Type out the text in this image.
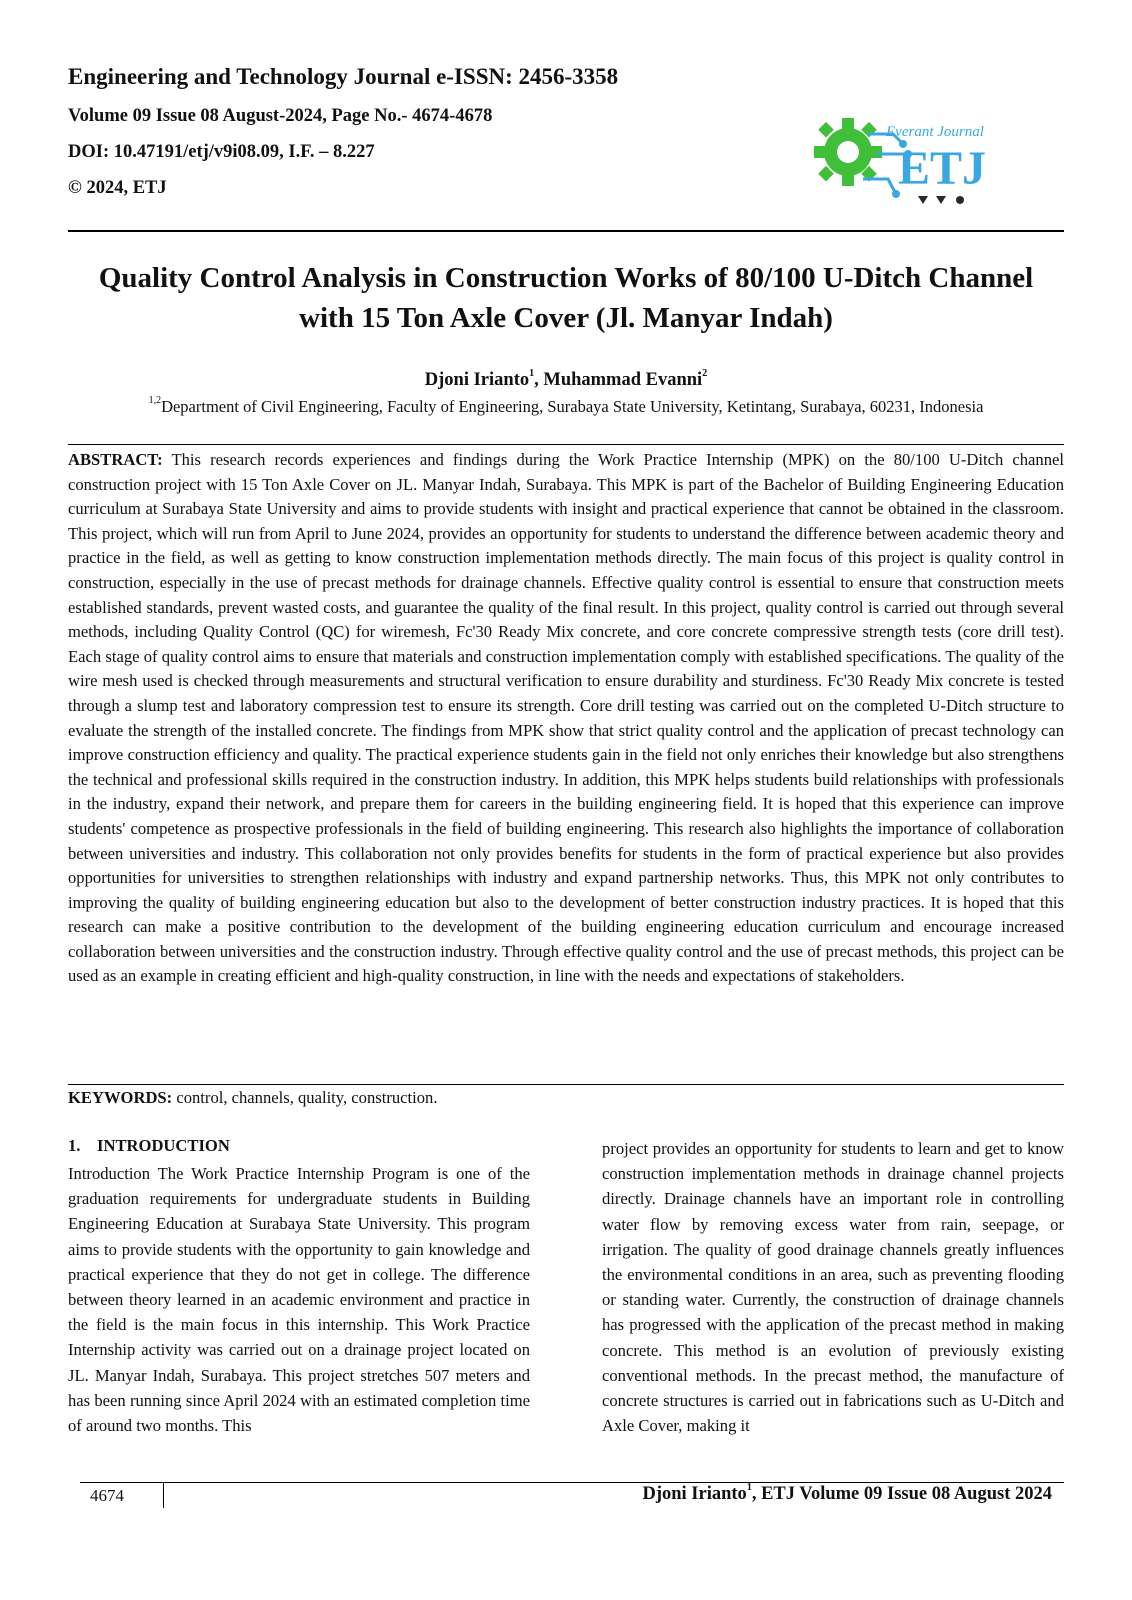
Engineering and Technology Journal e-ISSN: 2456-3358
Volume 09 Issue 08 August-2024, Page No.- 4674-4678
DOI: 10.47191/etj/v9i08.09, I.F. – 8.227
© 2024, ETJ
Everant Journal
ETJ
Quality Control Analysis in Construction Works of 80/100 U-Ditch Channel with 15 Ton Axle Cover (Jl. Manyar Indah)
Djoni Irianto$^1$, Muhammad Evanni$^2$
$^{1,2}$Department of Civil Engineering, Faculty of Engineering, Surabaya State University, Ketintang, Surabaya, 60231, Indonesia

ABSTRACT: This research records experiences and findings during the Work Practice Internship (MPK) on the 80/100 U-Ditch channel construction project with 15 Ton Axle Cover on JL. Manyar Indah, Surabaya. This MPK is part of the Bachelor of Building Engineering Education curriculum at Surabaya State University and aims to provide students with insight and practical experience that cannot be obtained in the classroom. This project, which will run from April to June 2024, provides an opportunity for students to understand the difference between academic theory and practice in the field, as well as getting to know construction implementation methods directly. The main focus of this project is quality control in construction, especially in the use of precast methods for drainage channels. Effective quality control is essential to ensure that construction meets established standards, prevent wasted costs, and guarantee the quality of the final result. In this project, quality control is carried out through several methods, including Quality Control (QC) for wiremesh, Fc'30 Ready Mix concrete, and core concrete compressive strength tests (core drill test). Each stage of quality control aims to ensure that materials and construction implementation comply with established specifications. The quality of the wire mesh used is checked through measurements and structural verification to ensure durability and sturdiness. Fc'30 Ready Mix concrete is tested through a slump test and laboratory compression test to ensure its strength. Core drill testing was carried out on the completed U-Ditch structure to evaluate the strength of the installed concrete. The findings from MPK show that strict quality control and the application of precast technology can improve construction efficiency and quality. The practical experience students gain in the field not only enriches their knowledge but also strengthens the technical and professional skills required in the construction industry. In addition, this MPK helps students build relationships with professionals in the industry, expand their network, and prepare them for careers in the building engineering field. It is hoped that this experience can improve students' competence as prospective professionals in the field of building engineering. This research also highlights the importance of collaboration between universities and industry. This collaboration not only provides benefits for students in the form of practical experience but also provides opportunities for universities to strengthen relationships with industry and expand partnership networks. Thus, this MPK not only contributes to improving the quality of building engineering education but also to the development of better construction industry practices. It is hoped that this research can make a positive contribution to the development of the building engineering education curriculum and encourage increased collaboration between universities and the construction industry. Through effective quality control and the use of precast methods, this project can be used as an example in creating efficient and high-quality construction, in line with the needs and expectations of stakeholders.

KEYWORDS: control, channels, quality, construction.
1. INTRODUCTION

Introduction The Work Practice Internship Program is one of the graduation requirements for undergraduate students in Building Engineering Education at Surabaya State University. This program aims to provide students with the opportunity to gain knowledge and practical experience that they do not get in college. The difference between theory learned in an academic environment and practice in the field is the main focus in this internship. This Work Practice Internship activity was carried out on a drainage project located on JL. Manyar Indah, Surabaya. This project stretches 507 meters and has been running since April 2024 with an estimated completion time of around two months. This

project provides an opportunity for students to learn and get to know construction implementation methods in drainage channel projects directly. Drainage channels have an important role in controlling water flow by removing excess water from rain, seepage, or irrigation. The quality of good drainage channels greatly influences the environmental conditions in an area, such as preventing flooding or standing water. Currently, the construction of drainage channels has progressed with the application of the precast method in making concrete. This method is an evolution of previously existing conventional methods. In the precast method, the manufacture of concrete structures is carried out in fabrications such as U-Ditch and Axle Cover, making it

4674	Djoni Irianto$^1$, ETJ Volume 09 Issue 08 August 2024
